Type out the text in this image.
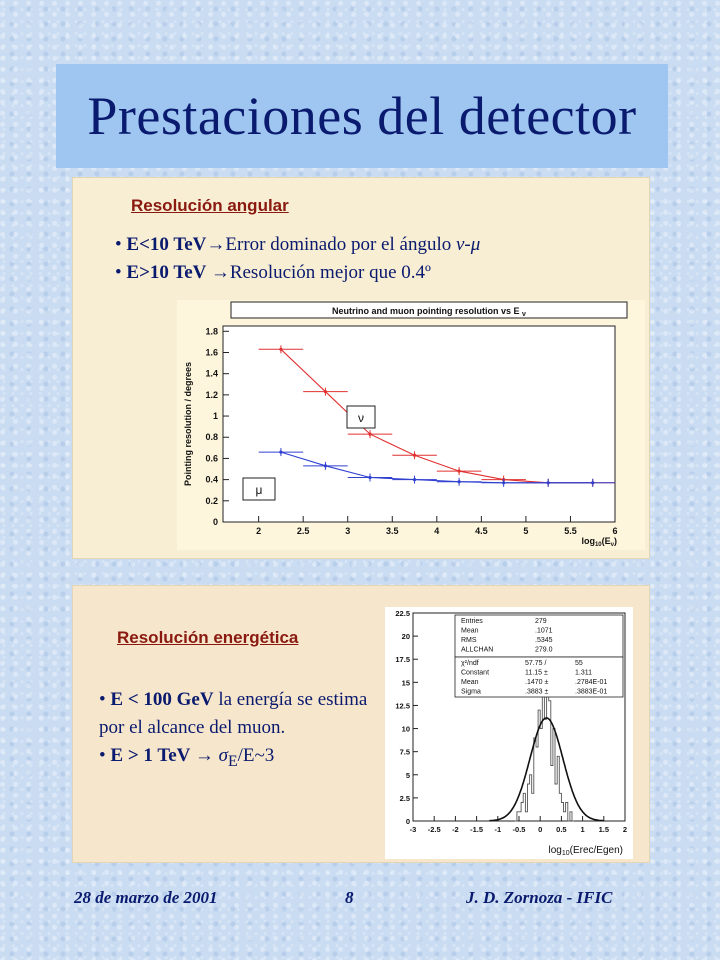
Prestaciones del detector
Resolución angular
• E<10 TeV→Error dominado por el ángulo ν-μ
• E>10 TeV →Resolución mejor que 0.4º
Neutrino and muon pointing resolution vs E $_\nu$
2	2.5	3	3.5	4	4.5	5	5.5	6
0
0.2
0.4
0.6
0.8
1
1.2
1.4
1.6
1.8
Pointing resolution / degrees
$\log_{10}(E_\nu)$
ν
μ
Resolución energética
• E < 100 GeV la energía se estima por el alcance del muon.
• E > 1 TeV → $\sigma_E/E\sim 3$
-3 -2.5 -2 -1.5 -1 -0.5 0 0.5 1 1.5 2
0
2.5
5
7.5
10
12.5
15
17.5
20
22.5
Entries	279
Mean	.1071
RMS	.5345
ALLCHAN	279.0
χ²/ndf	57.75 /	55
Constant	11.15 ±	1.311
Mean	.1470 ±	.2784E-01
Sigma	.3883 ±	.3883E-01
$\log_{10}(Erec/Egen)$
28 de marzo de 2001	8	J. D. Zornoza - IFIC
